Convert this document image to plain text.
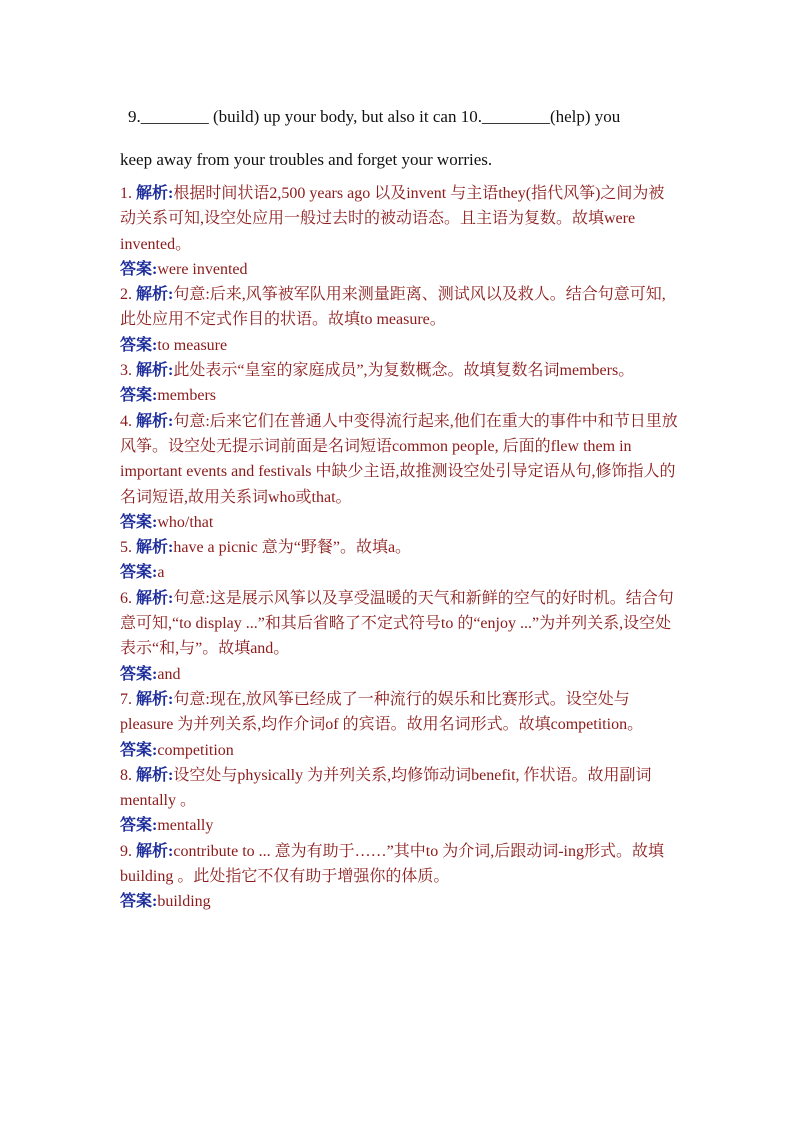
9.________ (build) up your body, but also it can 10.________(help) you
keep away from your troubles and forget your worries.

1. 解析:根据时间状语2,500 years ago 以及invent 与主语they(指代风筝)之间为被动关系可知,设空处应用一般过去时的被动语态。且主语为复数。故填were invented。

答案:were invented

2. 解析:句意:后来,风筝被军队用来测量距离、测试风以及救人。结合句意可知,此处应用不定式作目的状语。故填to measure。

答案:to measure

3. 解析:此处表示“皇室的家庭成员”,为复数概念。故填复数名词members。

答案:members

4. 解析:句意:后来它们在普通人中变得流行起来,他们在重大的事件中和节日里放风筝。设空处无提示词前面是名词短语common people, 后面的flew them in important events and festivals 中缺少主语,故推测设空处引导定语从句,修饰指人的名词短语,故用关系词who或that。

答案:who/that

5. 解析:have a picnic 意为“野餐”。故填a。

答案:a

6. 解析:句意:这是展示风筝以及享受温暖的天气和新鲜的空气的好时机。结合句意可知,“to display ...”和其后省略了不定式符号to 的“enjoy ...”为并列关系,设空处表示“和,与”。故填and。

答案:and

7. 解析:句意:现在,放风筝已经成了一种流行的娱乐和比赛形式。设空处与pleasure 为并列关系,均作介词of 的宾语。故用名词形式。故填competition。

答案:competition

8. 解析:设空处与physically 为并列关系,均修饰动词benefit, 作状语。故用副词mentally 。

答案:mentally

9. 解析:contribute to ... 意为有助于……”其中to 为介词,后跟动词-ing形式。故填building 。此处指它不仅有助于增强你的体质。

答案:building
